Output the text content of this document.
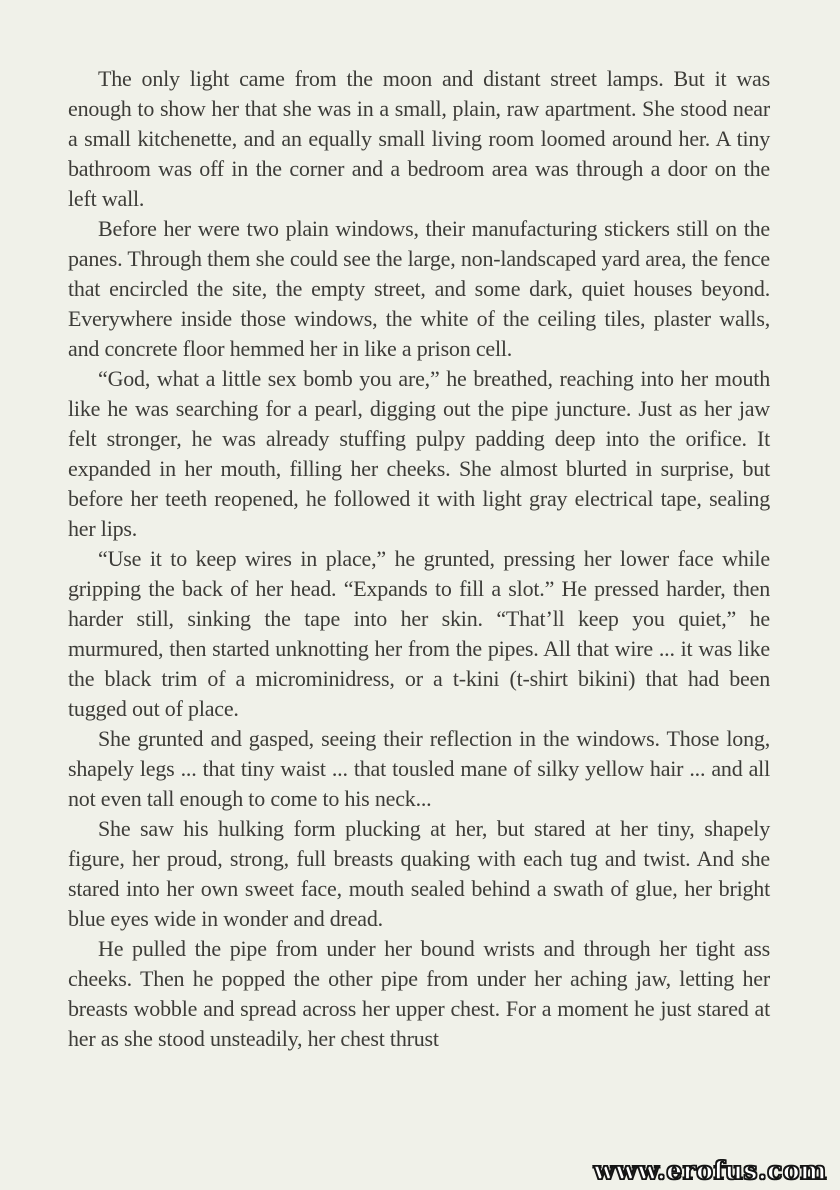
The only light came from the moon and distant street lamps. But it was enough to show her that she was in a small, plain, raw apartment. She stood near a small kitchenette, and an equally small living room loomed around her. A tiny bathroom was off in the corner and a bedroom area was through a door on the left wall.

Before her were two plain windows, their manufacturing stickers still on the panes. Through them she could see the large, non-landscaped yard area, the fence that encircled the site, the empty street, and some dark, quiet houses beyond. Everywhere inside those windows, the white of the ceiling tiles, plaster walls, and concrete floor hemmed her in like a prison cell.

“God, what a little sex bomb you are,” he breathed, reaching into her mouth like he was searching for a pearl, digging out the pipe juncture. Just as her jaw felt stronger, he was already stuffing pulpy padding deep into the orifice. It expanded in her mouth, filling her cheeks. She almost blurted in surprise, but before her teeth reopened, he followed it with light gray electrical tape, sealing her lips.

“Use it to keep wires in place,” he grunted, pressing her lower face while gripping the back of her head. “Expands to fill a slot.” He pressed harder, then harder still, sinking the tape into her skin. “That’ll keep you quiet,” he murmured, then started unknotting her from the pipes. All that wire ... it was like the black trim of a microminidress, or a t-kini (t-shirt bikini) that had been tugged out of place.

She grunted and gasped, seeing their reflection in the windows. Those long, shapely legs ... that tiny waist ... that tousled mane of silky yellow hair ... and all not even tall enough to come to his neck...

She saw his hulking form plucking at her, but stared at her tiny, shapely figure, her proud, strong, full breasts quaking with each tug and twist. And she stared into her own sweet face, mouth sealed behind a swath of glue, her bright blue eyes wide in wonder and dread.

He pulled the pipe from under her bound wrists and through her tight ass cheeks. Then he popped the other pipe from under her aching jaw, letting her breasts wobble and spread across her upper chest. For a moment he just stared at her as she stood unsteadily, her chest thrust

www.erofus.com
